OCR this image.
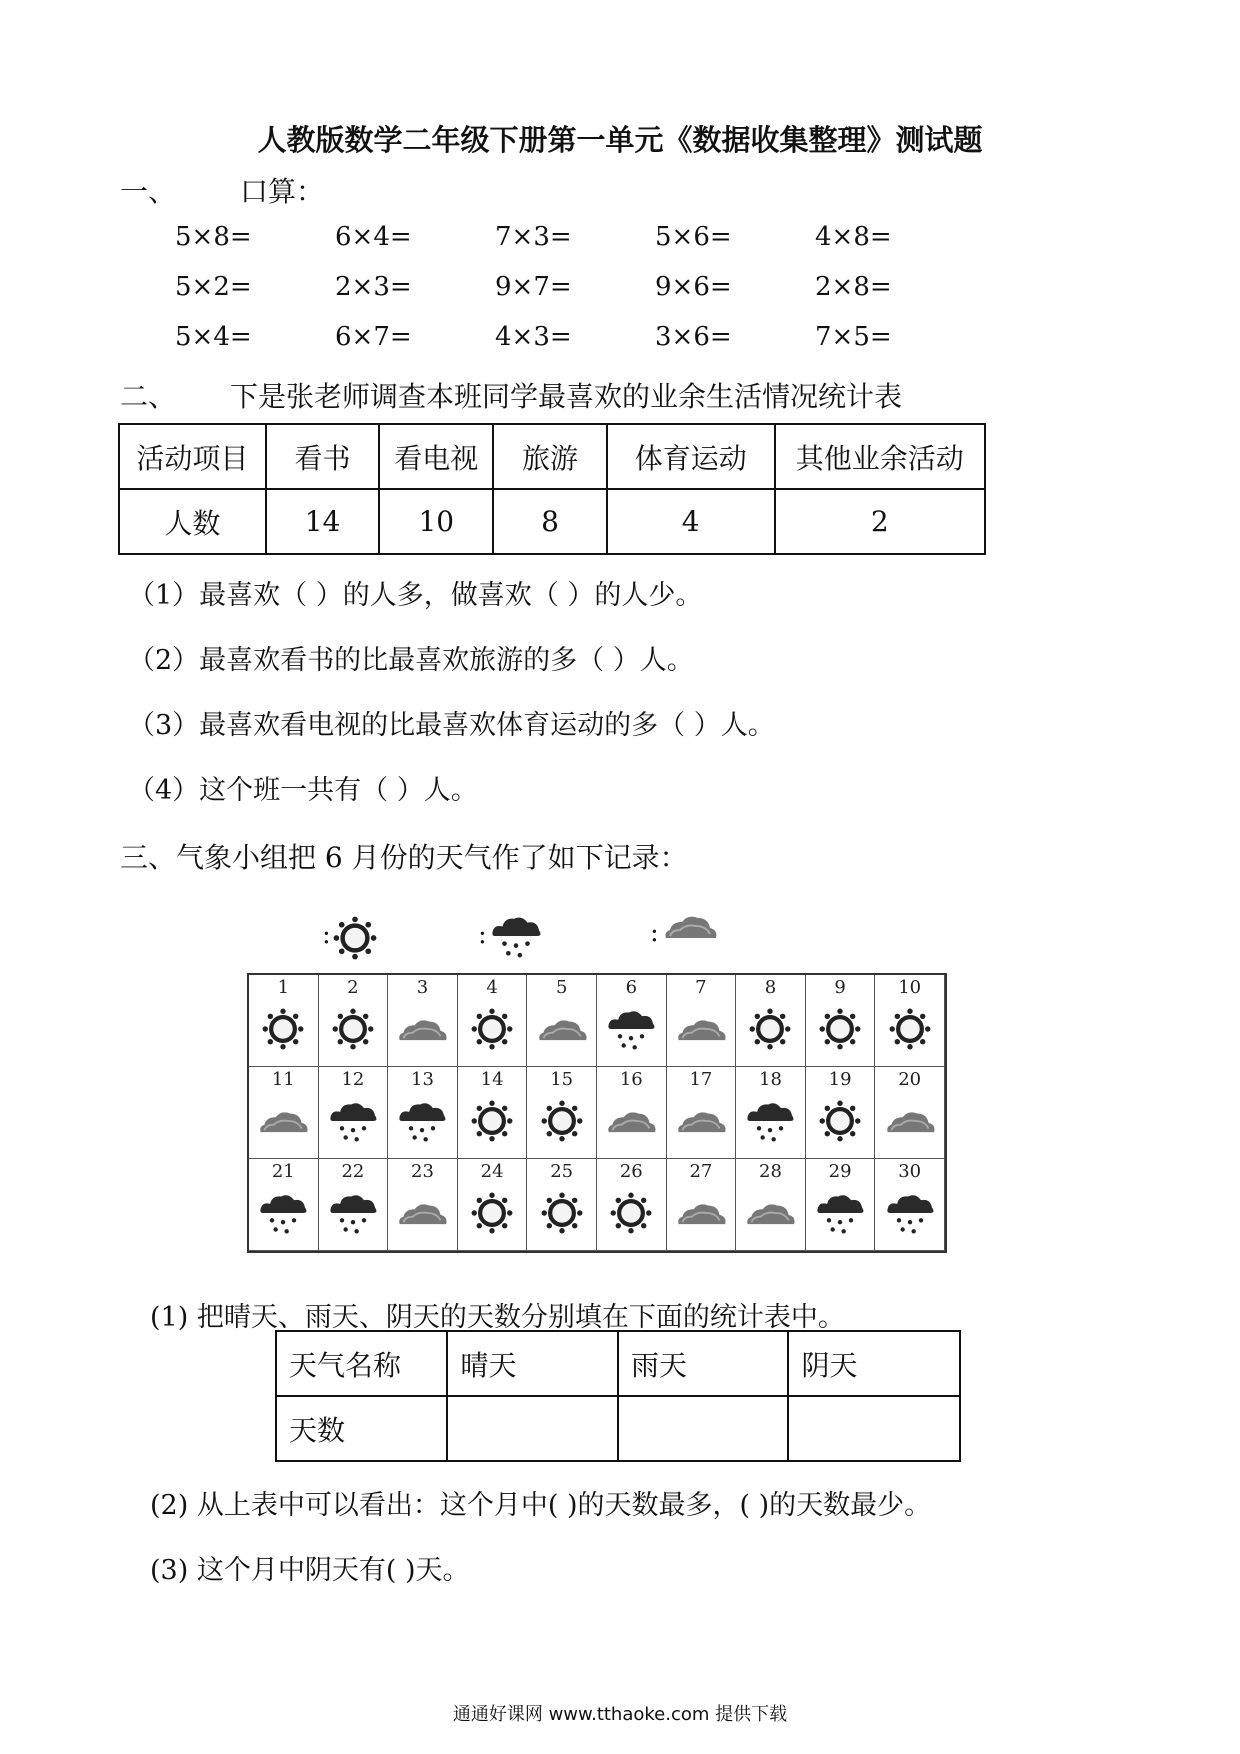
人教版数学二年级下册第一单元《数据收集整理》测试题
一、 口算：
5×8=	6×4=	7×3=	5×6=	4×8=
5×2=	2×3=	9×7=	9×6=	2×8=
5×4=	6×7=	4×3=	3×6=	7×5=
二、 下是张老师调查本班同学最喜欢的业余生活情况统计表
活动项目	看书	看电视	旅游	体育运动	其他业余活动
人数	14	10	8	4	2
（1）最喜欢（ ）的人多，做喜欢（ ）的人少。
（2）最喜欢看书的比最喜欢旅游的多（ ）人。
（3）最喜欢看电视的比最喜欢体育运动的多（ ）人。
（4）这个班一共有（ ）人。
三、气象小组把 6 月份的天气作了如下记录：
:	:	:
1	2	3	4	5	6	7	8	9	10
11	12	13	14	15	16	17	18	19	20
21	22	23	24	25	26	27	28	29	30
(1) 把晴天、雨天、阴天的天数分别填在下面的统计表中。
天气名称	晴天	雨天	阴天
天数			
(2) 从上表中可以看出：这个月中( )的天数最多，( )的天数最少。
(3) 这个月中阴天有( )天。
通通好课网 www.tthaoke.com 提供下载
